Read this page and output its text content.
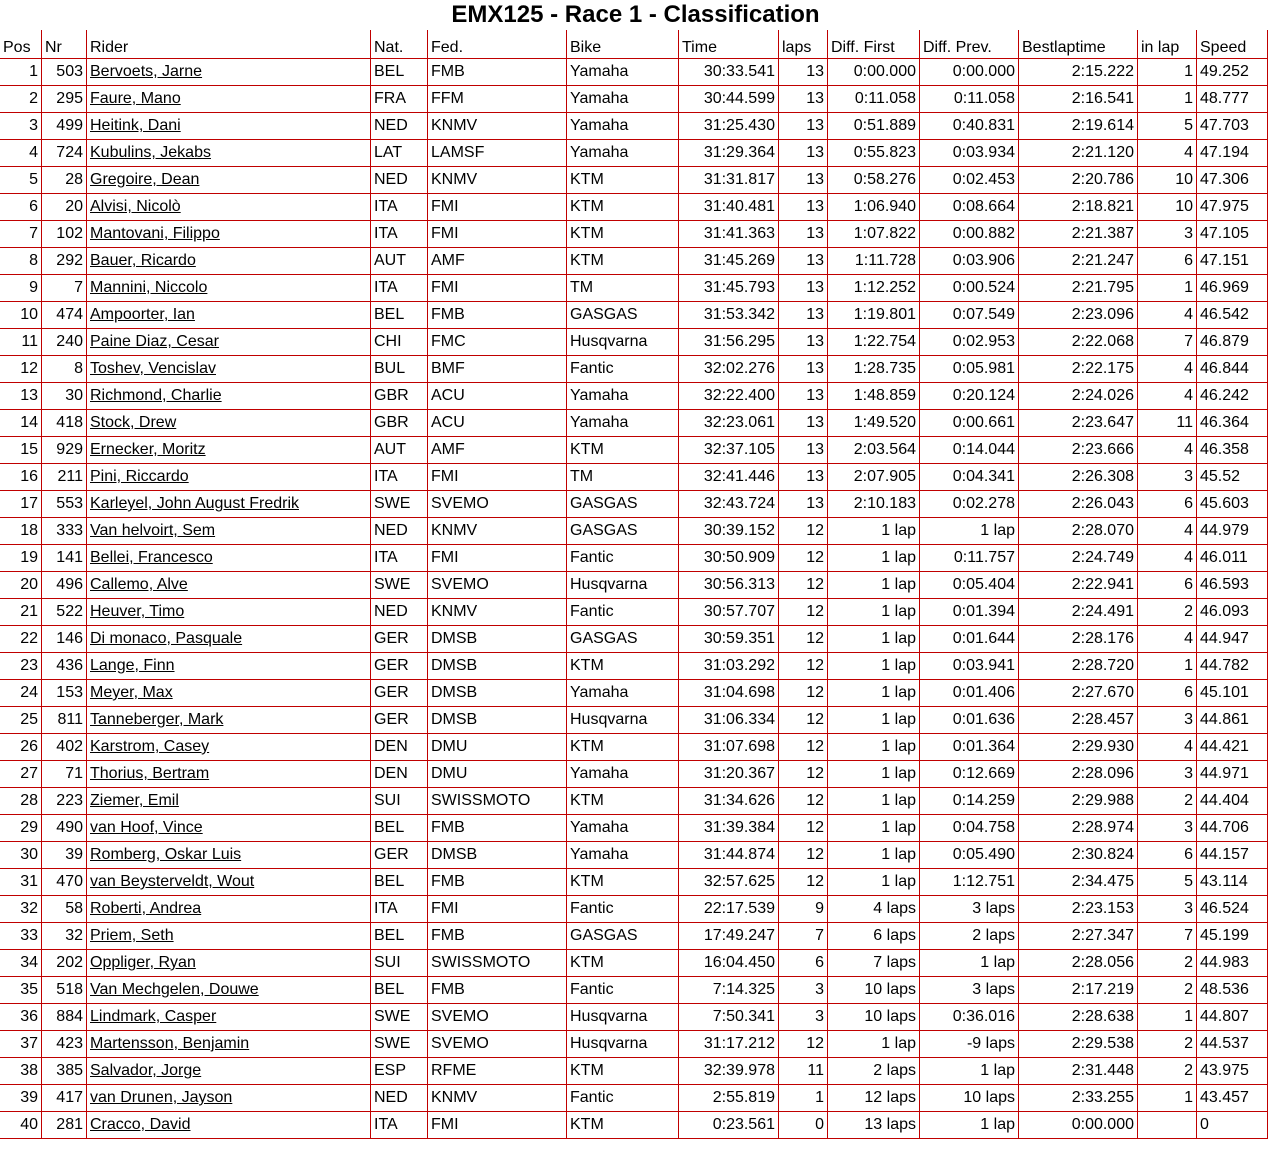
EMX125 - Race 1 - Classification
Pos	Nr	Rider	Nat.	Fed.	Bike	Time	laps	Diff. First	Diff. Prev.	Bestlaptime	in lap	Speed
1	503	Bervoets, Jarne	BEL	FMB	Yamaha	30:33.541	13	0:00.000	0:00.000	2:15.222	1	49.252
2	295	Faure, Mano	FRA	FFM	Yamaha	30:44.599	13	0:11.058	0:11.058	2:16.541	1	48.777
3	499	Heitink, Dani	NED	KNMV	Yamaha	31:25.430	13	0:51.889	0:40.831	2:19.614	5	47.703
4	724	Kubulins, Jekabs	LAT	LAMSF	Yamaha	31:29.364	13	0:55.823	0:03.934	2:21.120	4	47.194
5	28	Gregoire, Dean	NED	KNMV	KTM	31:31.817	13	0:58.276	0:02.453	2:20.786	10	47.306
6	20	Alvisi, Nicolò	ITA	FMI	KTM	31:40.481	13	1:06.940	0:08.664	2:18.821	10	47.975
7	102	Mantovani, Filippo	ITA	FMI	KTM	31:41.363	13	1:07.822	0:00.882	2:21.387	3	47.105
8	292	Bauer, Ricardo	AUT	AMF	KTM	31:45.269	13	1:11.728	0:03.906	2:21.247	6	47.151
9	7	Mannini, Niccolo	ITA	FMI	TM	31:45.793	13	1:12.252	0:00.524	2:21.795	1	46.969
10	474	Ampoorter, Ian	BEL	FMB	GASGAS	31:53.342	13	1:19.801	0:07.549	2:23.096	4	46.542
11	240	Paine Diaz, Cesar	CHI	FMC	Husqvarna	31:56.295	13	1:22.754	0:02.953	2:22.068	7	46.879
12	8	Toshev, Vencislav	BUL	BMF	Fantic	32:02.276	13	1:28.735	0:05.981	2:22.175	4	46.844
13	30	Richmond, Charlie	GBR	ACU	Yamaha	32:22.400	13	1:48.859	0:20.124	2:24.026	4	46.242
14	418	Stock, Drew	GBR	ACU	Yamaha	32:23.061	13	1:49.520	0:00.661	2:23.647	11	46.364
15	929	Ernecker, Moritz	AUT	AMF	KTM	32:37.105	13	2:03.564	0:14.044	2:23.666	4	46.358
16	211	Pini, Riccardo	ITA	FMI	TM	32:41.446	13	2:07.905	0:04.341	2:26.308	3	45.52
17	553	Karleyel, John August Fredrik	SWE	SVEMO	GASGAS	32:43.724	13	2:10.183	0:02.278	2:26.043	6	45.603
18	333	Van helvoirt, Sem	NED	KNMV	GASGAS	30:39.152	12	1 lap	1 lap	2:28.070	4	44.979
19	141	Bellei, Francesco	ITA	FMI	Fantic	30:50.909	12	1 lap	0:11.757	2:24.749	4	46.011
20	496	Callemo, Alve	SWE	SVEMO	Husqvarna	30:56.313	12	1 lap	0:05.404	2:22.941	6	46.593
21	522	Heuver, Timo	NED	KNMV	Fantic	30:57.707	12	1 lap	0:01.394	2:24.491	2	46.093
22	146	Di monaco, Pasquale	GER	DMSB	GASGAS	30:59.351	12	1 lap	0:01.644	2:28.176	4	44.947
23	436	Lange, Finn	GER	DMSB	KTM	31:03.292	12	1 lap	0:03.941	2:28.720	1	44.782
24	153	Meyer, Max	GER	DMSB	Yamaha	31:04.698	12	1 lap	0:01.406	2:27.670	6	45.101
25	811	Tanneberger, Mark	GER	DMSB	Husqvarna	31:06.334	12	1 lap	0:01.636	2:28.457	3	44.861
26	402	Karstrom, Casey	DEN	DMU	KTM	31:07.698	12	1 lap	0:01.364	2:29.930	4	44.421
27	71	Thorius, Bertram	DEN	DMU	Yamaha	31:20.367	12	1 lap	0:12.669	2:28.096	3	44.971
28	223	Ziemer, Emil	SUI	SWISSMOTO	KTM	31:34.626	12	1 lap	0:14.259	2:29.988	2	44.404
29	490	van Hoof, Vince	BEL	FMB	Yamaha	31:39.384	12	1 lap	0:04.758	2:28.974	3	44.706
30	39	Romberg, Oskar Luis	GER	DMSB	Yamaha	31:44.874	12	1 lap	0:05.490	2:30.824	6	44.157
31	470	van Beysterveldt, Wout	BEL	FMB	KTM	32:57.625	12	1 lap	1:12.751	2:34.475	5	43.114
32	58	Roberti, Andrea	ITA	FMI	Fantic	22:17.539	9	4 laps	3 laps	2:23.153	3	46.524
33	32	Priem, Seth	BEL	FMB	GASGAS	17:49.247	7	6 laps	2 laps	2:27.347	7	45.199
34	202	Oppliger, Ryan	SUI	SWISSMOTO	KTM	16:04.450	6	7 laps	1 lap	2:28.056	2	44.983
35	518	Van Mechgelen, Douwe	BEL	FMB	Fantic	7:14.325	3	10 laps	3 laps	2:17.219	2	48.536
36	884	Lindmark, Casper	SWE	SVEMO	Husqvarna	7:50.341	3	10 laps	0:36.016	2:28.638	1	44.807
37	423	Martensson, Benjamin	SWE	SVEMO	Husqvarna	31:17.212	12	1 lap	-9 laps	2:29.538	2	44.537
38	385	Salvador, Jorge	ESP	RFME	KTM	32:39.978	11	2 laps	1 lap	2:31.448	2	43.975
39	417	van Drunen, Jayson	NED	KNMV	Fantic	2:55.819	1	12 laps	10 laps	2:33.255	1	43.457
40	281	Cracco, David	ITA	FMI	KTM	0:23.561	0	13 laps	1 lap	0:00.000		0
